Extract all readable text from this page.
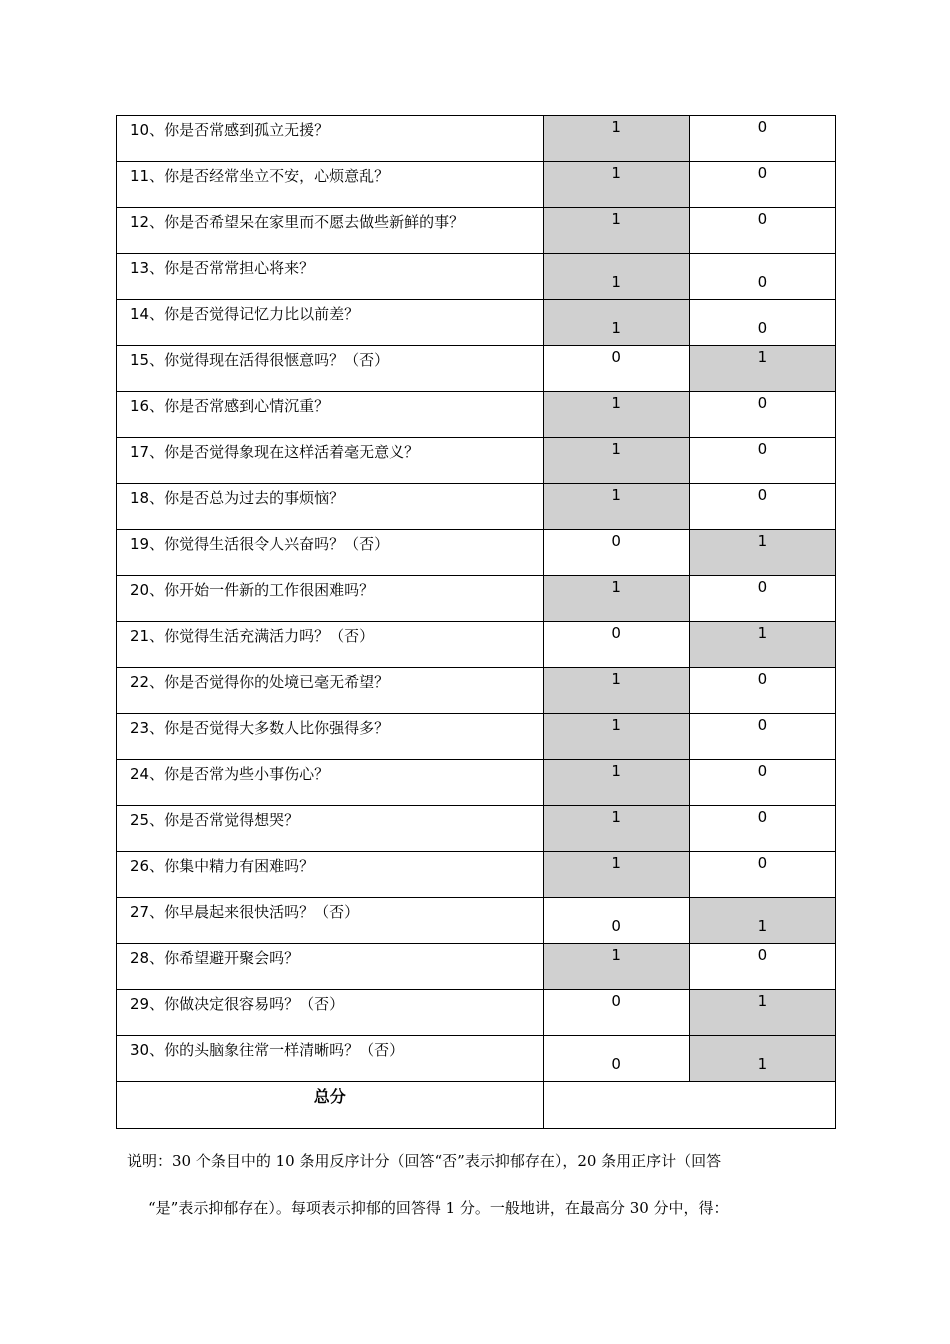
10、你是否常感到孤立无援？	1	0
11、你是否经常坐立不安，心烦意乱？	1	0
12、你是否希望呆在家里而不愿去做些新鲜的事？	1	0
13、你是否常常担心将来？	1	0
14、你是否觉得记忆力比以前差？	1	0
15、你觉得现在活得很惬意吗？（否）	0	1
16、你是否常感到心情沉重？	1	0
17、你是否觉得象现在这样活着毫无意义？	1	0
18、你是否总为过去的事烦恼？	1	0
19、你觉得生活很令人兴奋吗？（否）	0	1
20、你开始一件新的工作很困难吗？	1	0
21、你觉得生活充满活力吗？（否）	0	1
22、你是否觉得你的处境已毫无希望？	1	0
23、你是否觉得大多数人比你强得多？	1	0
24、你是否常为些小事伤心？	1	0
25、你是否常觉得想哭？	1	0
26、你集中精力有困难吗？	1	0
27、你早晨起来很快活吗？（否）	0	1
28、你希望避开聚会吗？	1	0
29、你做决定很容易吗？（否）	0	1
30、你的头脑象往常一样清晰吗？（否）	0	1
总分		
说明：30 个条目中的 10 条用反序计分（回答“否”表示抑郁存在），20 条用正序计（回答
“是”表示抑郁存在）。每项表示抑郁的回答得 1 分。一般地讲，在最高分 30 分中，得：
